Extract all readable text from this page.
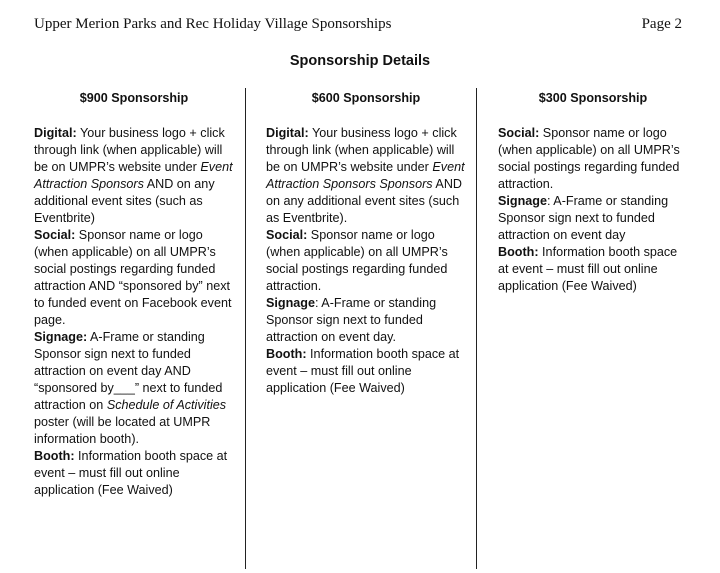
Upper Merion Parks and Rec Holiday Village Sponsorships	Page 2
Sponsorship Details
$900 Sponsorship

Digital: Your business logo + click through link (when applicable) will be on UMPR’s website under Event Attraction Sponsors AND on any additional event sites (such as Eventbrite)

Social: Sponsor name or logo (when applicable) on all UMPR’s social postings regarding funded attraction AND “sponsored by” next to funded event on Facebook event page.

Signage: A-Frame or standing Sponsor sign next to funded attraction on event day AND “sponsored by___” next to funded attraction on Schedule of Activities poster (will be located at UMPR information booth).

Booth: Information booth space at event – must fill out online application (Fee Waived)

$600 Sponsorship

Digital: Your business logo + click through link (when applicable) will be on UMPR’s website under Event Attraction Sponsors Sponsors AND on any additional event sites (such as Eventbrite).

Social: Sponsor name or logo (when applicable) on all UMPR’s social postings regarding funded attraction.

Signage: A-Frame or standing Sponsor sign next to funded attraction on event day.

Booth: Information booth space at event – must fill out online application (Fee Waived)

$300 Sponsorship

Social: Sponsor name or logo (when applicable) on all UMPR’s social postings regarding funded attraction.

Signage: A-Frame or standing Sponsor sign next to funded attraction on event day

Booth: Information booth space at event – must fill out online application (Fee Waived)
